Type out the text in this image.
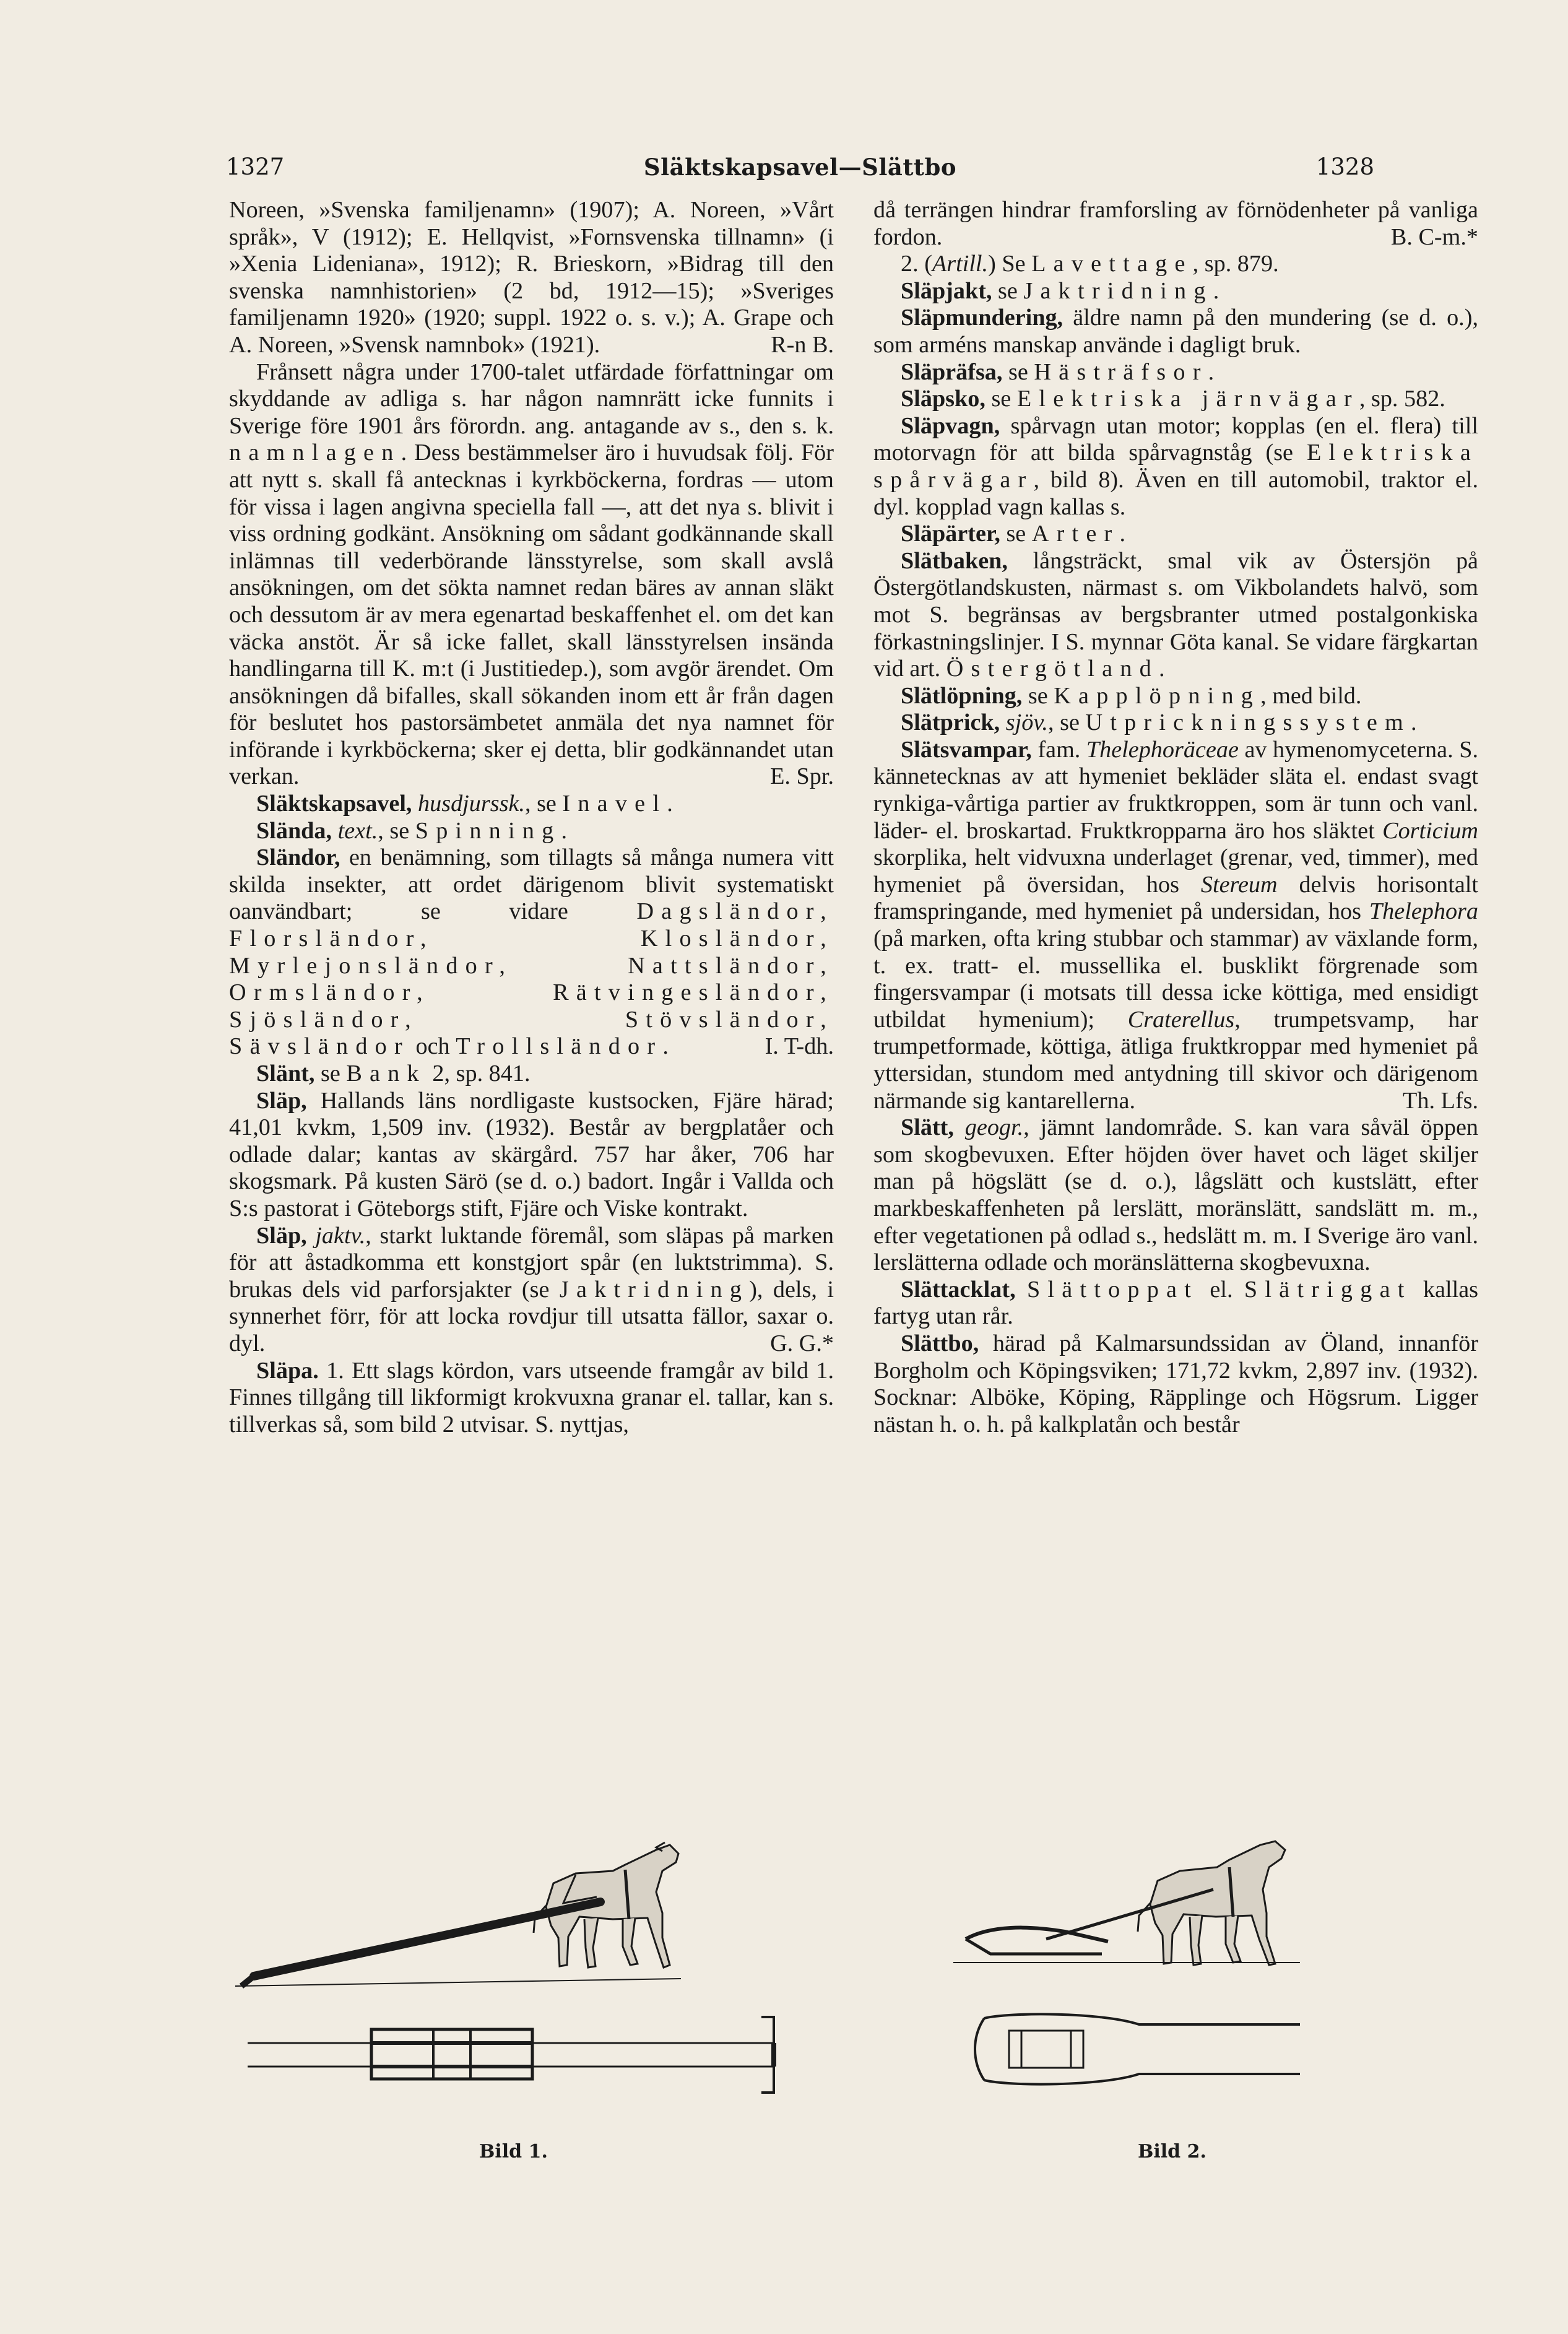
1327	Släktskapsavel—Slättbo	1328

Noreen, »Svenska familjenamn» (1907); A. Noreen, »Vårt språk», V (1912); E. Hellqvist, »Fornsvenska tillnamn» (i »Xenia Lideniana», 1912); R. Brieskorn, »Bidrag till den svenska namnhistorien» (2 bd, 1912—15); »Sveriges familjenamn 1920» (1920; suppl. 1922 o. s. v.); A. Grape och A. Noreen, »Svensk namnbok» (1921).	R-n B.

Frånsett några under 1700-talet utfärdade författningar om skyddande av adliga s. har någon namnrätt icke funnits i Sverige före 1901 års förordn. ang. antagande av s., den s. k. namnlagen. Dess bestämmelser äro i huvudsak följ. För att nytt s. skall få antecknas i kyrkböckerna, fordras — utom för vissa i lagen angivna speciella fall —, att det nya s. blivit i viss ordning godkänt. Ansökning om sådant godkännande skall inlämnas till vederbörande länsstyrelse, som skall avslå ansökningen, om det sökta namnet redan bäres av annan släkt och dessutom är av mera egenartad beskaffenhet el. om det kan väcka anstöt. Är så icke fallet, skall länsstyrelsen insända handlingarna till K. m:t (i Justitiedep.), som avgör ärendet. Om ansökningen då bifalles, skall sökanden inom ett år från dagen för beslutet hos pastorsämbetet anmäla det nya namnet för införande i kyrkböckerna; sker ej detta, blir godkännandet utan verkan.	E. Spr.

Släktskapsavel, husdjurssk., se Inavel.

Slända, text., se Spinning.

Sländor, en benämning, som tillagts så många numera vitt skilda insekter, att ordet därigenom blivit systematiskt oanvändbart; se vidare Dagsländor, Florsländor, Klosländor, Myrlejonsländor, Nattsländor, Ormsländor, Rätvingesländor, Sjösländor, Stövsländor, Sävsländor och Trollsländor.	I. T-dh.

Slänt, se Bank 2, sp. 841.

Släp, Hallands läns nordligaste kustsocken, Fjäre härad; 41,01 kvkm, 1,509 inv. (1932). Består av bergplatåer och odlade dalar; kantas av skärgård. 757 har åker, 706 har skogsmark. På kusten Särö (se d. o.) badort. Ingår i Vallda och S:s pastorat i Göteborgs stift, Fjäre och Viske kontrakt.

Släp, jaktv., starkt luktande föremål, som släpas på marken för att åstadkomma ett konstgjort spår (en luktstrimma). S. brukas dels vid parforsjakter (se Jaktridning), dels, i synnerhet förr, för att locka rovdjur till utsatta fällor, saxar o. dyl.	G. G.*

Släpa. 1. Ett slags kördon, vars utseende framgår av bild 1. Finnes tillgång till likformigt krokvuxna granar el. tallar, kan s. tillverkas så, som bild 2 utvisar. S. nyttjas,

då terrängen hindrar framforsling av förnödenheter på vanliga fordon.	B. C-m.*

2. (Artill.) Se Lavettage, sp. 879.

Släpjakt, se Jaktridning.

Släpmundering, äldre namn på den mundering (se d. o.), som arméns manskap använde i dagligt bruk.

Släpräfsa, se Hästräfsor.

Släpsko, se Elektriska järnvägar, sp. 582.

Släpvagn, spårvagn utan motor; kopplas (en el. flera) till motorvagn för att bilda spårvagnståg (se Elektriska spårvägar, bild 8). Även en till automobil, traktor el. dyl. kopplad vagn kallas s.

Släpärter, se Arter.

Slätbaken, långsträckt, smal vik av Östersjön på Östergötlandskusten, närmast s. om Vikbolandets halvö, som mot S. begränsas av bergsbranter utmed postalgonkiska förkastningslinjer. I S. mynnar Göta kanal. Se vidare färgkartan vid art. Östergötland.

Slätlöpning, se Kapplöpning, med bild.

Slätprick, sjöv., se Utprickningssystem.

Slätsvampar, fam. Thelephoräceae av hymenomyceterna. S. kännetecknas av att hymeniet bekläder släta el. endast svagt rynkiga-vårtiga partier av fruktkroppen, som är tunn och vanl. läder- el. broskartad. Fruktkropparna äro hos släktet Corticium skorplika, helt vidvuxna underlaget (grenar, ved, timmer), med hymeniet på översidan, hos Stereum delvis horisontalt framspringande, med hymeniet på undersidan, hos Thelephora (på marken, ofta kring stubbar och stammar) av växlande form, t. ex. tratt- el. mussellika el. busklikt förgrenade som fingersvampar (i motsats till dessa icke köttiga, med ensidigt utbildat hymenium); Craterellus, trumpetsvamp, har trumpetformade, köttiga, ätliga fruktkroppar med hymeniet på yttersidan, stundom med antydning till skivor och därigenom närmande sig kantarellerna.	Th. Lfs.

Slätt, geogr., jämnt landområde. S. kan vara såväl öppen som skogbevuxen. Efter höjden över havet och läget skiljer man på högslätt (se d. o.), lågslätt och kustslätt, efter markbeskaffenheten på lerslätt, moränslätt, sandslätt m. m., efter vegetationen på odlad s., hedslätt m. m. I Sverige äro vanl. lerslätterna odlade och moränslätterna skogbevuxna.

Slättacklat, Slättoppat el. Slätriggat kallas fartyg utan rår.

Slättbo, härad på Kalmarsundssidan av Öland, innanför Borgholm och Köpingsviken; 171,72 kvkm, 2,897 inv. (1932). Socknar: Alböke, Köping, Räpplinge och Högsrum. Ligger nästan h. o. h. på kalkplatån och består

Bild 1.	Bild 2.
